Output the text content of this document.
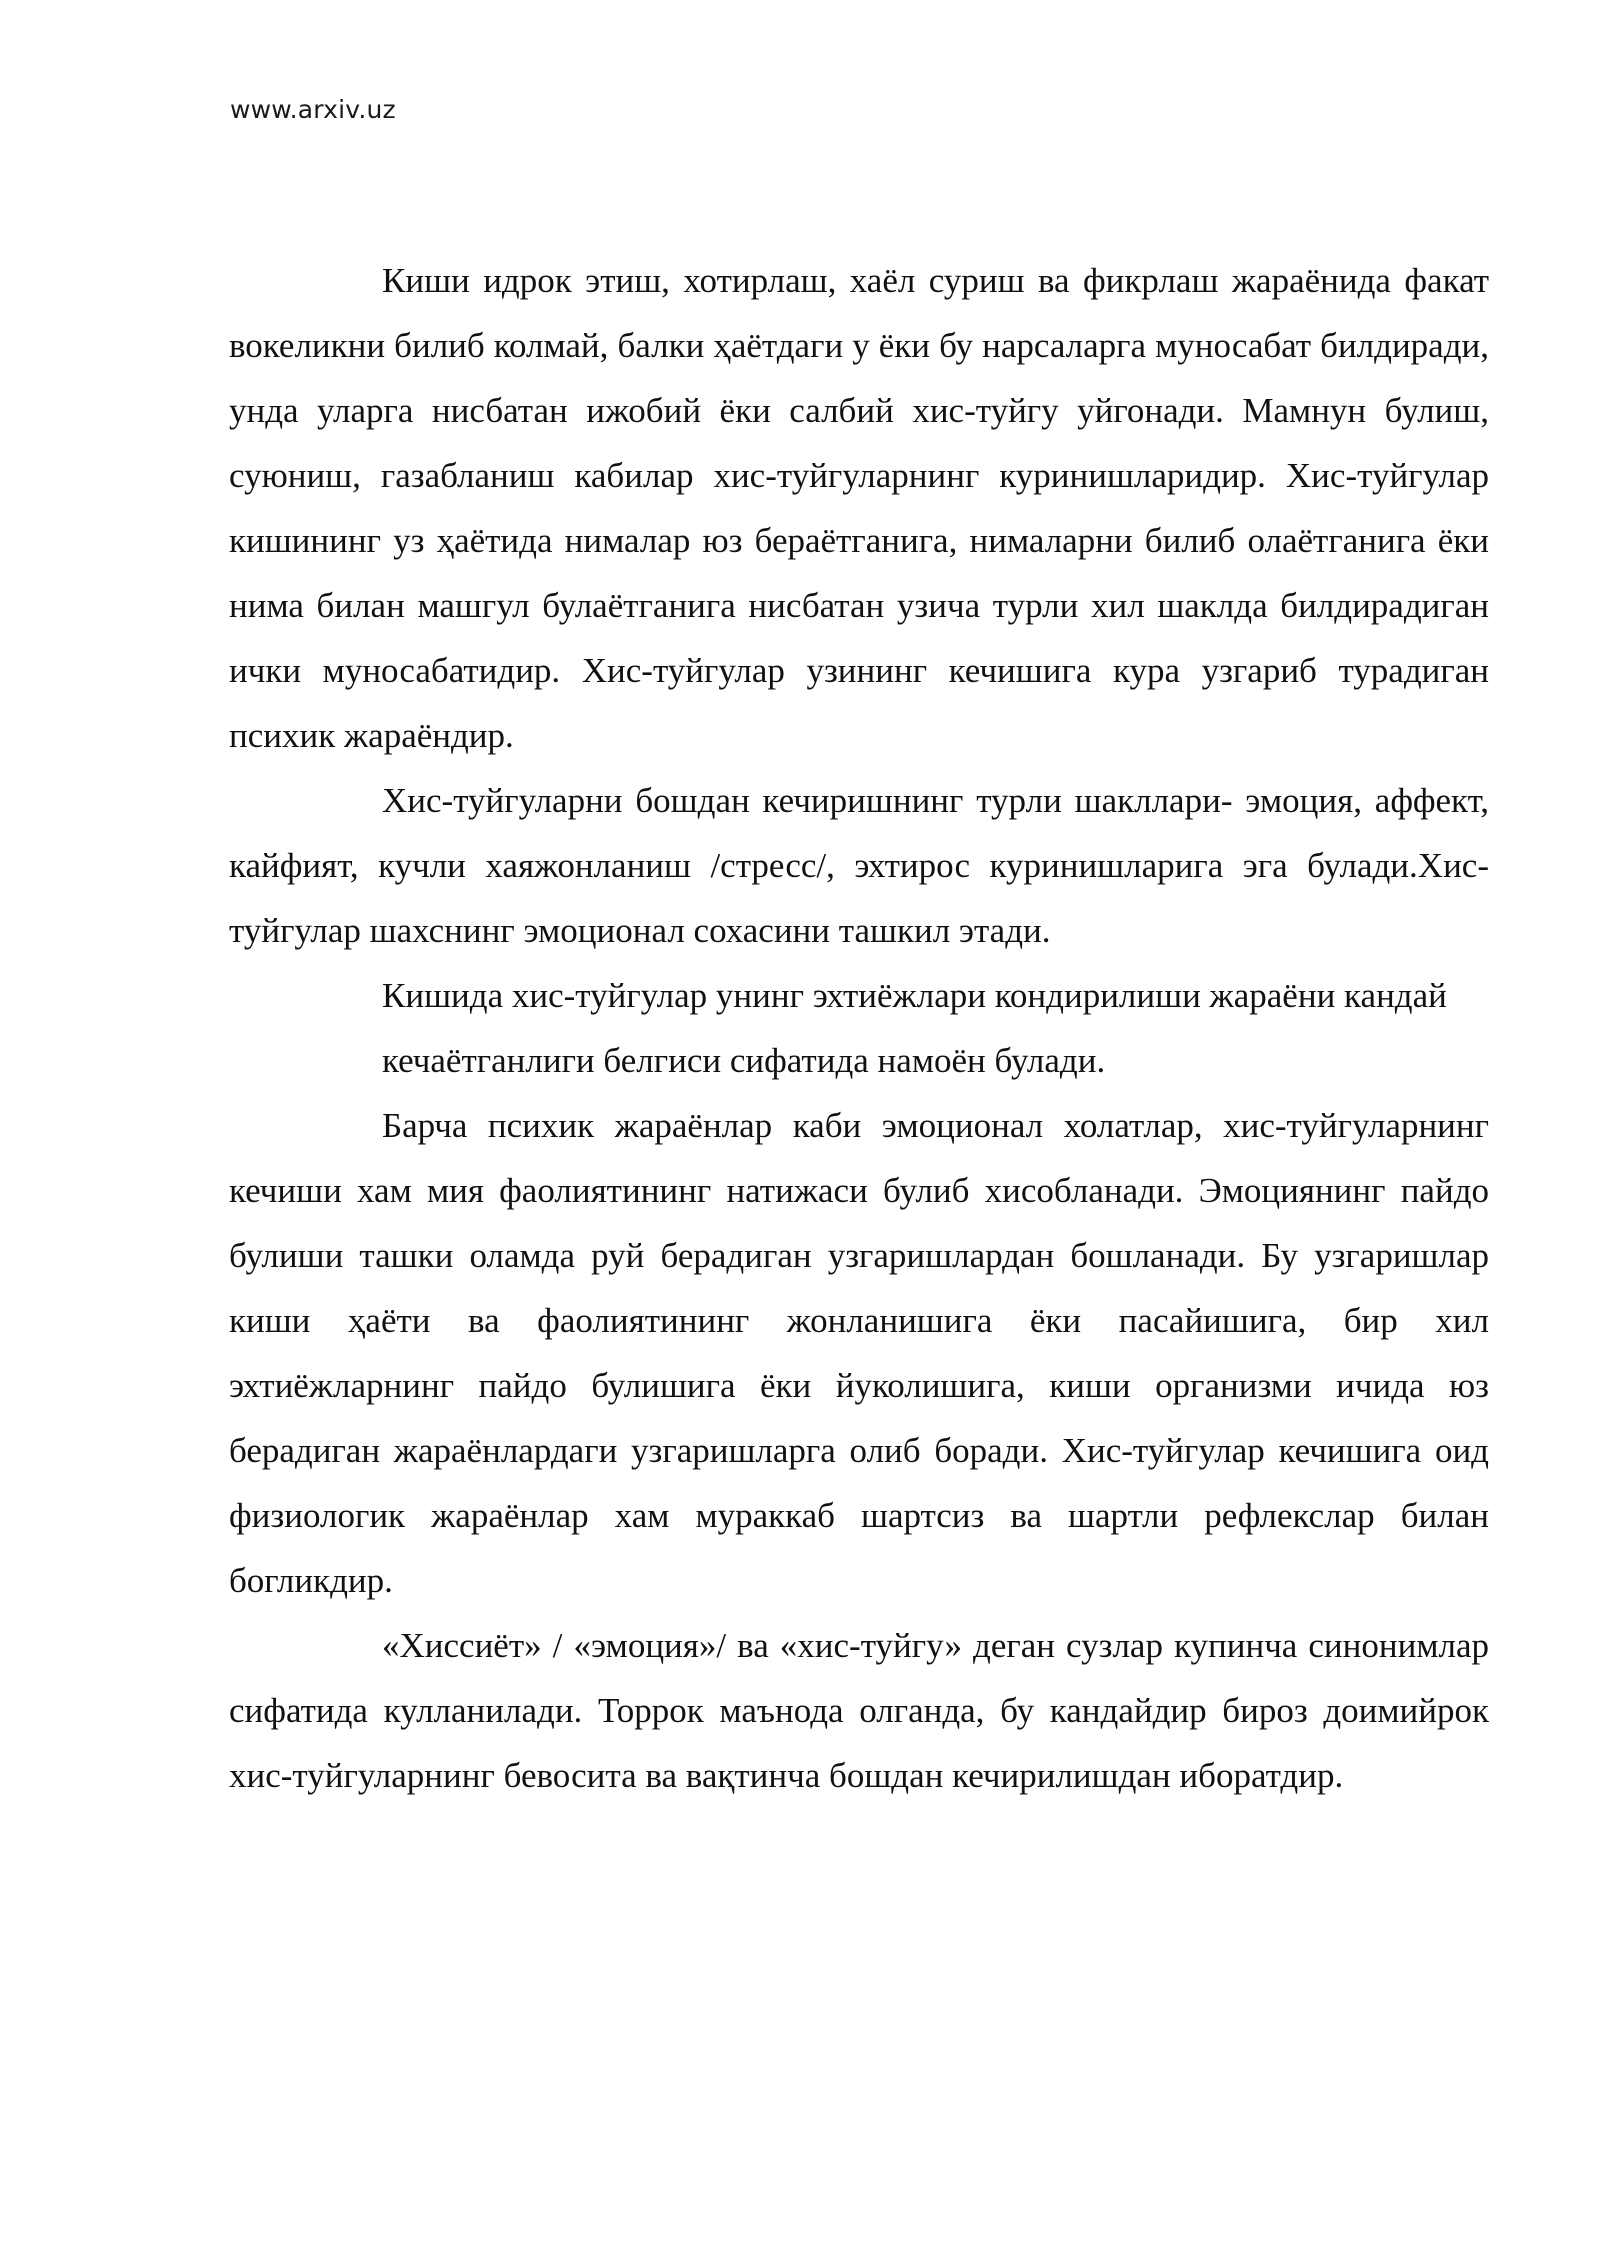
www.arxiv.uz

Киши идрок этиш, хотирлаш, хаёл суриш ва фикрлаш жараёнида факат вокеликни билиб колмай, балки ҳаётдаги у ёки бу нарсаларга муносабат билдиради, унда уларга нисбатан ижобий ёки салбий хис-туйгу уйгонади. Мамнун булиш, суюниш, газабланиш кабилар хис-туйгуларнинг куринишларидир. Хис-туйгулар кишининг уз ҳаётида нималар юз бераётганига, нималарни билиб олаётганига ёки нима билан машгул булаётганига нисбатан узича турли хил шаклда билдирадиган ички муносабатидир. Хис-туйгулар узининг кечишига кура узгариб турадиган психик жараёндир.

Хис-туйгуларни бошдан кечиришнинг турли шакллари- эмоция, аффект, кайфият, кучли хаяжонланиш /стресс/, эхтирос куринишларига эга булади.Хис- туйгулар шахснинг эмоционал сохасини ташкил этади.

Кишида хис-туйгулар унинг эхтиёжлари кондирилиши жараёни кандай

кечаётганлиги белгиси сифатида намоён булади.

Барча психик жараёнлар каби эмоционал холатлар, хис-туйгуларнинг кечиши хам мия фаолиятининг натижаси булиб хисобланади. Эмоциянинг пайдо булиши ташки оламда руй берадиган узгаришлардан бошланади. Бу узгаришлар киши ҳаёти ва фаолиятининг жонланишига ёки пасайишига, бир хил эхтиёжларнинг пайдо булишига ёки йуколишига, киши организми ичида юз берадиган жараёнлардаги узгаришларга олиб боради. Хис-туйгулар кечишига оид физиологик жараёнлар хам мураккаб шартсиз ва шартли рефлекслар билан богликдир.

«Хиссиёт» / «эмоция»/ ва «хис-туйгу» деган сузлар купинча синонимлар сифатида кулланилади. Торрок маънода олганда, бу кандайдир бироз доимийрок хис-туйгуларнинг бевосита ва вақтинча бошдан кечирилишдан иборатдир.
